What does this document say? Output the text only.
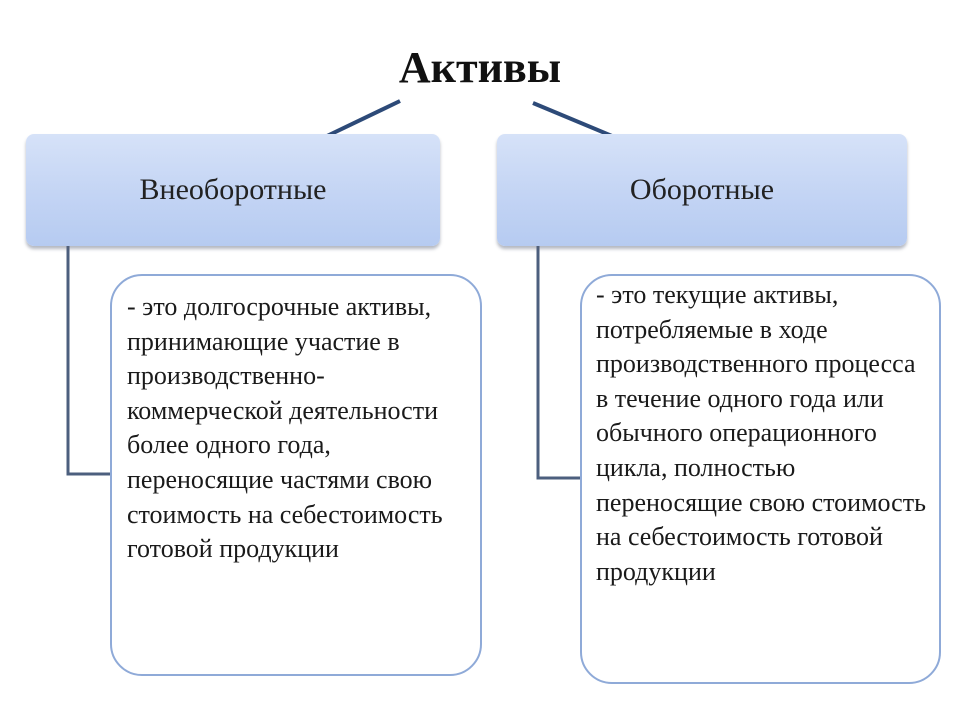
Активы
Внеоборотные	Оборотные
- это долгосрочные активы, принимающие участие в производственно-коммерческой деятельности более одного года, переносящие частями свою стоимость на себестоимость готовой продукции
- это текущие активы, потребляемые в ходе производственного процесса в течение одного года или обычного операционного цикла, полностью переносящие свою стоимость на себестоимость готовой продукции
